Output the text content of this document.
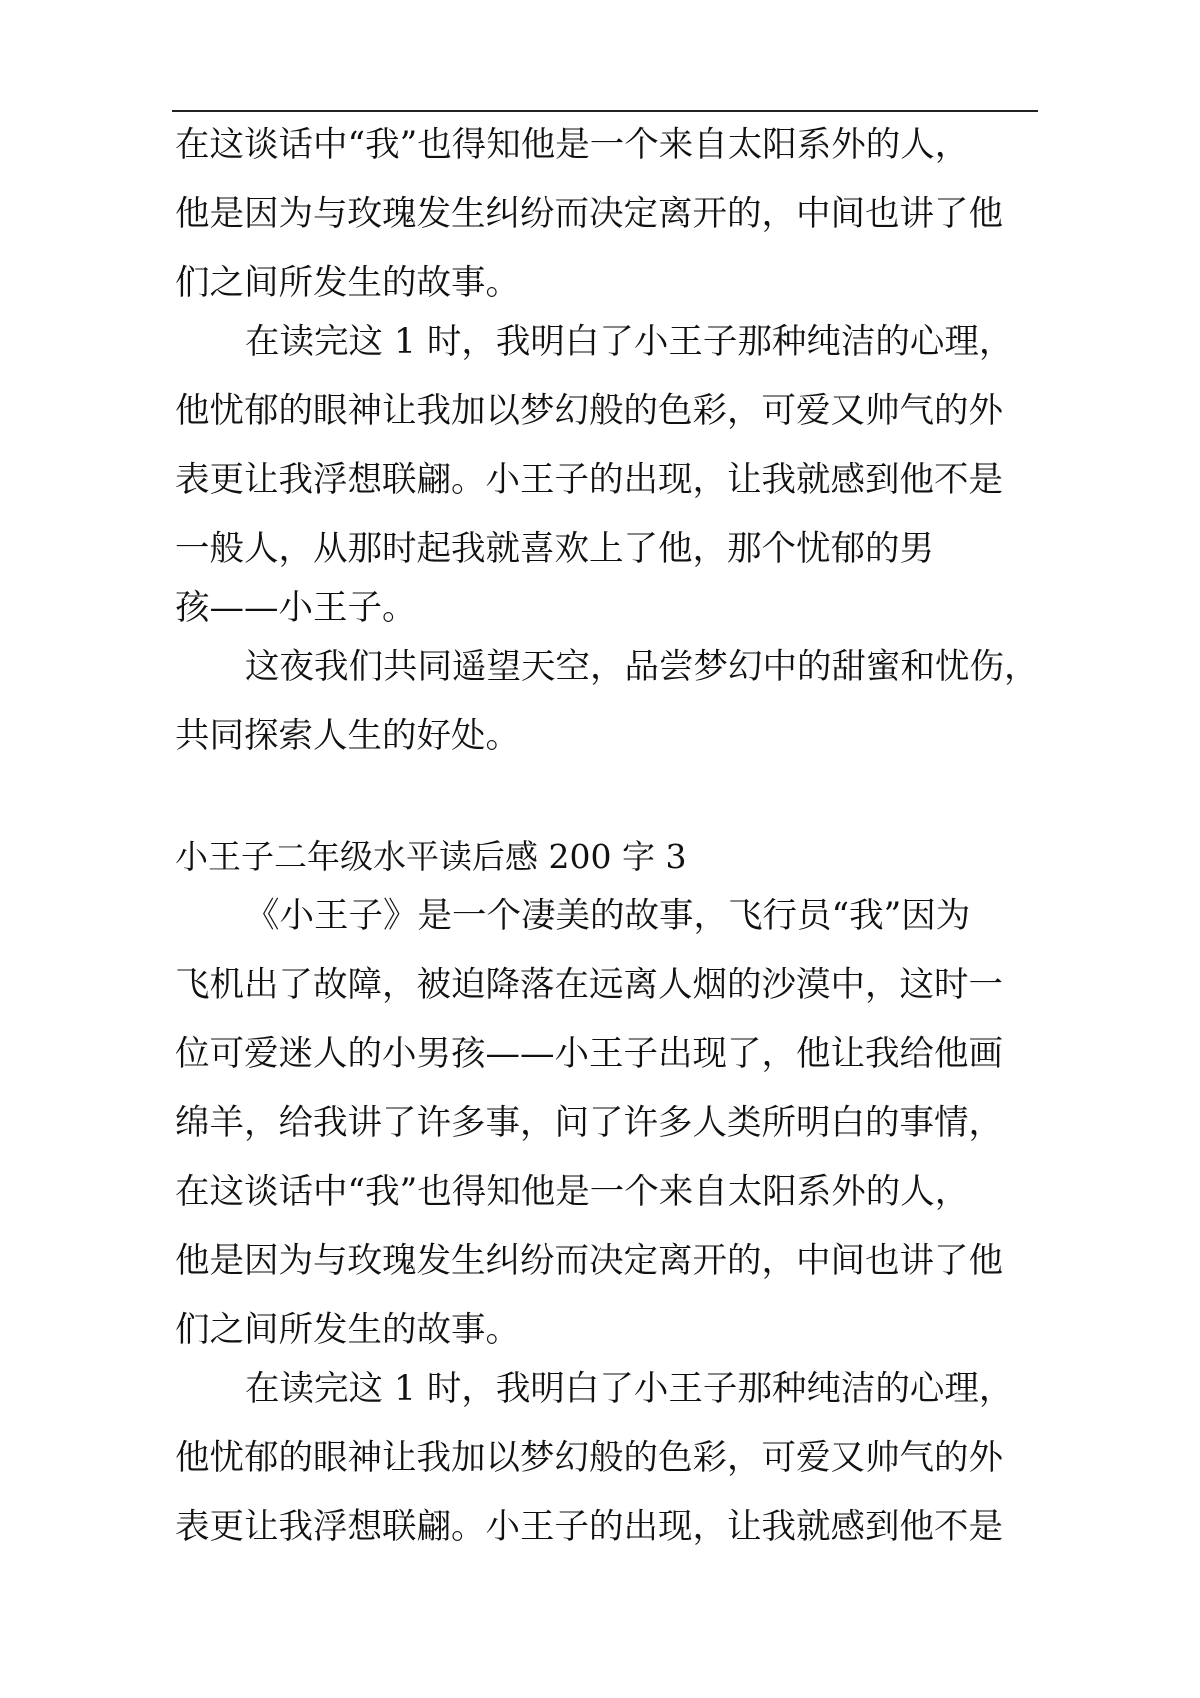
在这谈话中“我”也得知他是一个来自太阳系外的人，
他是因为与玫瑰发生纠纷而决定离开的，中间也讲了他
们之间所发生的故事。
在读完这 1 时，我明白了小王子那种纯洁的心理，
他忧郁的眼神让我加以梦幻般的色彩，可爱又帅气的外
表更让我浮想联翩。小王子的出现，让我就感到他不是
一般人，从那时起我就喜欢上了他，那个忧郁的男
孩——小王子。
这夜我们共同遥望天空，品尝梦幻中的甜蜜和忧伤，
共同探索人生的好处。
小王子二年级水平读后感 200 字 3
《小王子》是一个凄美的故事，飞行员“我”因为
飞机出了故障，被迫降落在远离人烟的沙漠中，这时一
位可爱迷人的小男孩——小王子出现了，他让我给他画
绵羊，给我讲了许多事，问了许多人类所明白的事情，
在这谈话中“我”也得知他是一个来自太阳系外的人，
他是因为与玫瑰发生纠纷而决定离开的，中间也讲了他
们之间所发生的故事。
在读完这 1 时，我明白了小王子那种纯洁的心理，
他忧郁的眼神让我加以梦幻般的色彩，可爱又帅气的外
表更让我浮想联翩。小王子的出现，让我就感到他不是
